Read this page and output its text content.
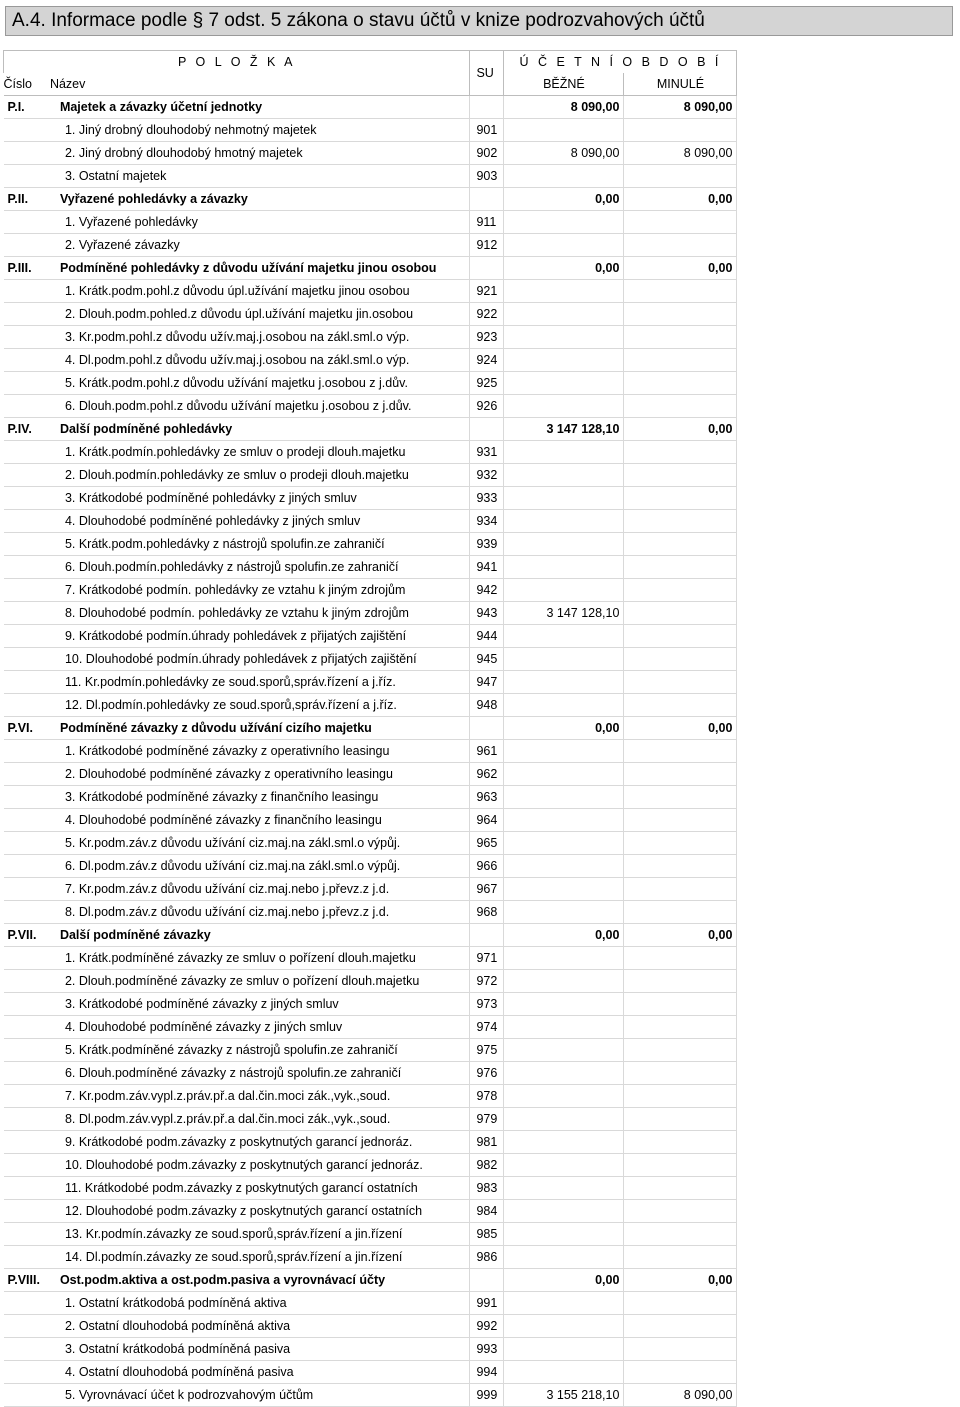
A.4. Informace podle § 7 odst. 5 zákona o stavu účtů v knize podrozvahových účtů
P O L O Ž K A		SU	Ú Č E T N Í O B D O B Í	
Číslo	Název		BĚŽNÉ	MINULÉ
P.I.	Majetek a závazky účetní jednotky		8 090,00	8 090,00
	1. Jiný drobný dlouhodobý nehmotný majetek	901		
	2. Jiný drobný dlouhodobý hmotný majetek	902	8 090,00	8 090,00
	3. Ostatní majetek	903		
P.II.	Vyřazené pohledávky a závazky		0,00	0,00
	1. Vyřazené pohledávky	911		
	2. Vyřazené závazky	912		
P.III.	Podmíněné pohledávky z důvodu užívání majetku jinou osobou		0,00	0,00
	1. Krátk.podm.pohl.z důvodu úpl.užívání majetku jinou osobou	921		
	2. Dlouh.podm.pohled.z důvodu úpl.užívání majetku jin.osobou	922		
	3. Kr.podm.pohl.z důvodu užív.maj.j.osobou na zákl.sml.o výp.	923		
	4. Dl.podm.pohl.z důvodu užív.maj.j.osobou na zákl.sml.o výp.	924		
	5. Krátk.podm.pohl.z důvodu užívání majetku j.osobou z j.dův.	925		
	6. Dlouh.podm.pohl.z důvodu užívání majetku j.osobou z j.dův.	926		
P.IV.	Další podmíněné pohledávky		3 147 128,10	0,00
	1. Krátk.podmín.pohledávky ze smluv o prodeji dlouh.majetku	931		
	2. Dlouh.podmín.pohledávky ze smluv o prodeji dlouh.majetku	932		
	3. Krátkodobé podmíněné pohledávky z jiných smluv	933		
	4. Dlouhodobé podmíněné pohledávky z jiných smluv	934		
	5. Krátk.podm.pohledávky z nástrojů spolufin.ze zahraničí	939		
	6. Dlouh.podmín.pohledávky z nástrojů spolufin.ze zahraničí	941		
	7. Krátkodobé podmín. pohledávky ze vztahu k jiným zdrojům	942		
	8. Dlouhodobé podmín. pohledávky ze vztahu k jiným zdrojům	943	3 147 128,10	
	9. Krátkodobé podmín.úhrady pohledávek z přijatých zajištění	944		
	10. Dlouhodobé podmín.úhrady pohledávek z přijatých zajištění	945		
	11. Kr.podmín.pohledávky ze soud.sporů,správ.řízení a j.říz.	947		
	12. Dl.podmín.pohledávky ze soud.sporů,správ.řízení a j.říz.	948		
P.VI.	Podmíněné závazky z důvodu užívání cizího majetku		0,00	0,00
	1. Krátkodobé podmíněné závazky z operativního leasingu	961		
	2. Dlouhodobé podmíněné závazky z operativního leasingu	962		
	3. Krátkodobé podmíněné závazky z finančního leasingu	963		
	4. Dlouhodobé podmíněné závazky z finančního leasingu	964		
	5. Kr.podm.záv.z důvodu užívání ciz.maj.na zákl.sml.o výpůj.	965		
	6. Dl.podm.záv.z důvodu užívání ciz.maj.na zákl.sml.o výpůj.	966		
	7. Kr.podm.záv.z důvodu užívání ciz.maj.nebo j.převz.z j.d.	967		
	8. Dl.podm.záv.z důvodu užívání ciz.maj.nebo j.převz.z j.d.	968		
P.VII.	Další podmíněné závazky		0,00	0,00
	1. Krátk.podmíněné závazky ze smluv o pořízení dlouh.majetku	971		
	2. Dlouh.podmíněné závazky ze smluv o pořízení dlouh.majetku	972		
	3. Krátkodobé podmíněné závazky z jiných smluv	973		
	4. Dlouhodobé podmíněné závazky z jiných smluv	974		
	5. Krátk.podmíněné závazky z nástrojů spolufin.ze zahraničí	975		
	6. Dlouh.podmíněné závazky z nástrojů spolufin.ze zahraničí	976		
	7. Kr.podm.záv.vypl.z.práv.př.a dal.čin.moci zák.,vyk.,soud.	978		
	8. Dl.podm.záv.vypl.z.práv.př.a dal.čin.moci zák.,vyk.,soud.	979		
	9. Krátkodobé podm.závazky z poskytnutých garancí jednoráz.	981		
	10. Dlouhodobé podm.závazky z poskytnutých garancí jednoráz.	982		
	11. Krátkodobé podm.závazky z poskytnutých garancí ostatních	983		
	12. Dlouhodobé podm.závazky z poskytnutých garancí ostatních	984		
	13. Kr.podmín.závazky ze soud.sporů,správ.řízení a jin.řízení	985		
	14. Dl.podmín.závazky ze soud.sporů,správ.řízení a jin.řízení	986		
P.VIII.	Ost.podm.aktiva a ost.podm.pasiva a vyrovnávací účty		0,00	0,00
	1. Ostatní krátkodobá podmíněná aktiva	991		
	2. Ostatní dlouhodobá podmíněná aktiva	992		
	3. Ostatní krátkodobá podmíněná pasiva	993		
	4. Ostatní dlouhodobá podmíněná pasiva	994		
	5. Vyrovnávací účet k podrozvahovým účtům	999	3 155 218,10	8 090,00
